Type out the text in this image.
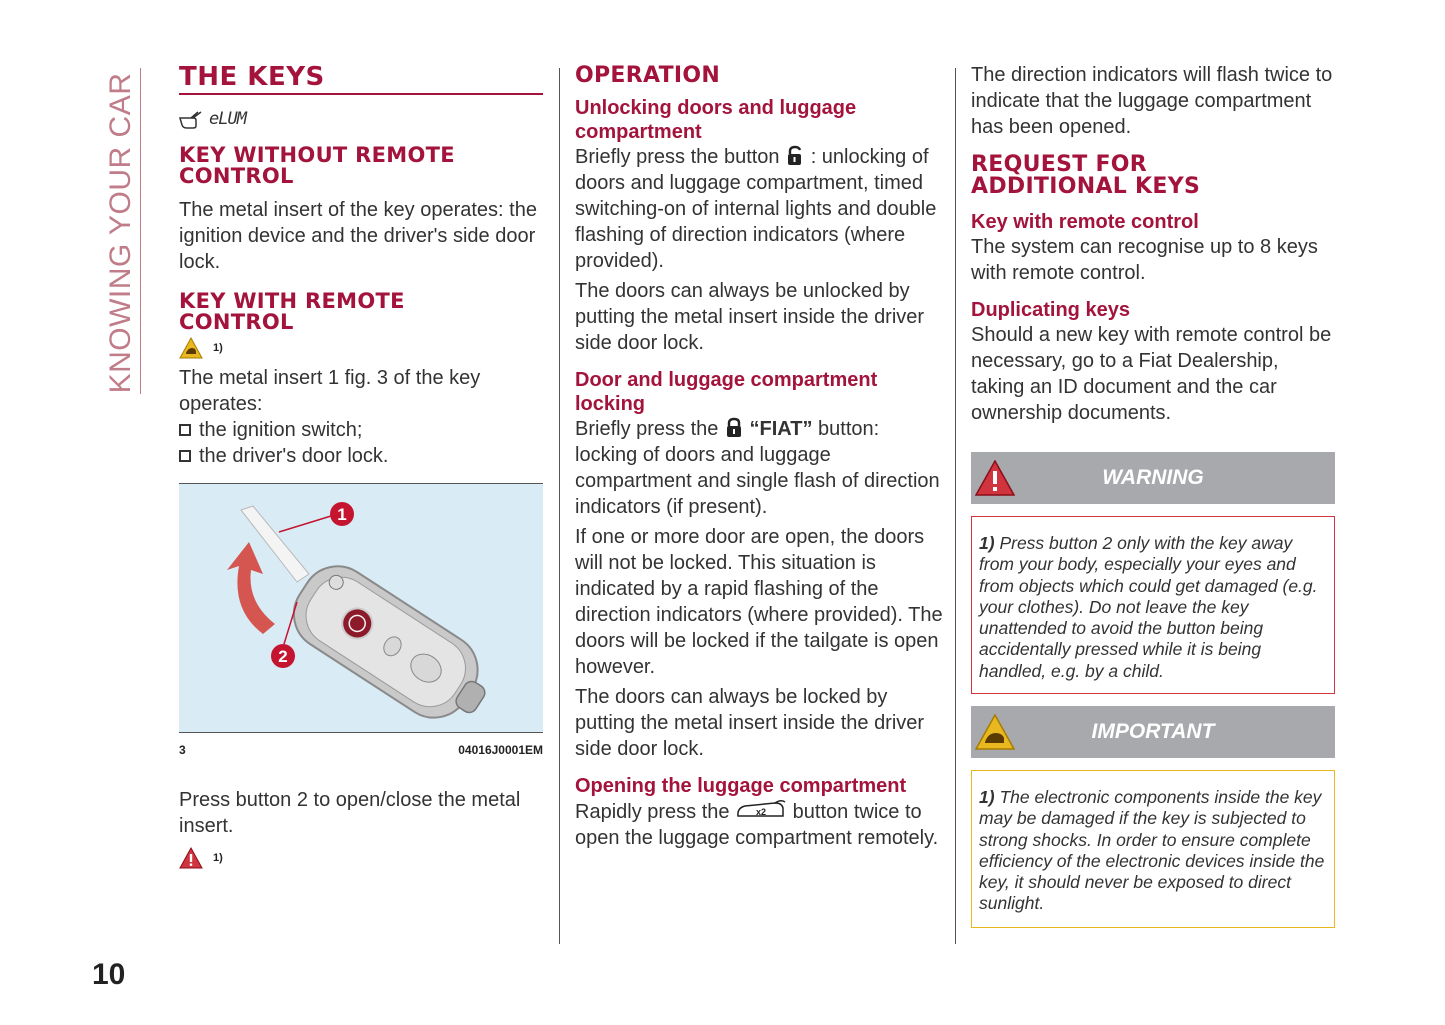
KNOWING YOUR CAR
10
THE KEYS
eLUM
KEY WITHOUT REMOTE
CONTROL
The metal insert of the key operates: the ignition device and the driver's side door lock.
KEY WITH REMOTE
CONTROL
1)
The metal insert 1 fig. 3 of the key operates:
the ignition switch;
the driver's door lock.
1
2
3	04016J0001EM
Press button 2 to open/close the metal insert.
1)
OPERATION
Unlocking doors and luggage compartment
Briefly press the button : unlocking of doors and luggage compartment, timed switching-on of internal lights and double flashing of direction indicators (where provided).
The doors can always be unlocked by putting the metal insert inside the driver side door lock.
Door and luggage compartment locking
Briefly press the “FIAT” button: locking of doors and luggage compartment and single flash of direction indicators (if present).
If one or more door are open, the doors will not be locked. This situation is indicated by a rapid flashing of the direction indicators (where provided). The doors will be locked if the tailgate is open however.
The doors can always be locked by putting the metal insert inside the driver side door lock.
Opening the luggage compartment
Rapidly press the	x2 button twice to open the luggage compartment remotely.
The direction indicators will flash twice to indicate that the luggage compartment has been opened.
REQUEST FOR
ADDITIONAL KEYS
Key with remote control
The system can recognise up to 8 keys with remote control.
Duplicating keys
Should a new key with remote control be necessary, go to a Fiat Dealership, taking an ID document and the car ownership documents.
WARNING
1) Press button 2 only with the key away from your body, especially your eyes and from objects which could get damaged (e.g. your clothes). Do not leave the key unattended to avoid the button being accidentally pressed while it is being handled, e.g. by a child.
IMPORTANT
1) The electronic components inside the key may be damaged if the key is subjected to strong shocks. In order to ensure complete efficiency of the electronic devices inside the key, it should never be exposed to direct sunlight.
